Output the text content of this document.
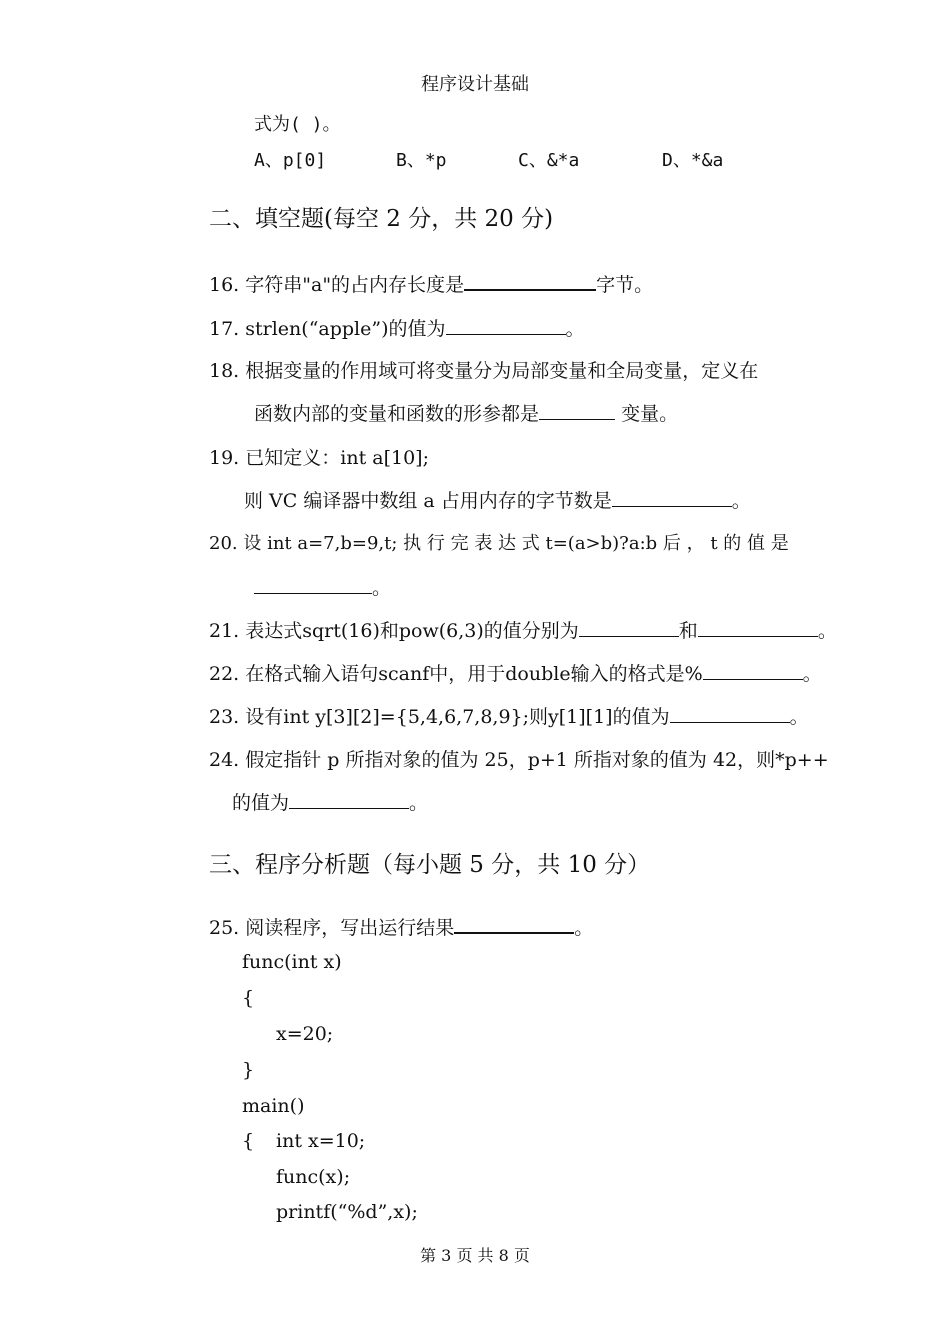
程序设计基础
式为( )。
A、p[0]	B、*p	C、&*a	D、*&a
二、填空题(每空 2 分，共 20 分)
16. 字符串"a"的占内存长度是	字节。
17. strlen(“apple”)的值为	。
18. 根据变量的作用域可将变量分为局部变量和全局变量，定义在
函数内部的变量和函数的形参都是	变量。
19. 已知定义：int a[10];
则 VC 编译器中数组 a 占用内存的字节数是	。
20. 设 int a=7,b=9,t; 执 行 完 表 达 式 t=(a>b)?a:b 后 ， t 的 值 是
。
21. 表达式sqrt(16)和pow(6,3)的值分别为	和	。
22. 在格式输入语句scanf中，用于double输入的格式是%	。
23. 设有int y[3][2]={5,4,6,7,8,9};则y[1][1]的值为	。
24. 假定指针 p 所指对象的值为 25，p+1 所指对象的值为 42，则*p++
的值为	。
三、程序分析题（每小题 5 分，共 10 分）
25. 阅读程序，写出运行结果	。
func(int x)
{
x=20;
}
main()
{ int x=10;
func(x);
printf(“%d”,x);
第 3 页 共 8 页
